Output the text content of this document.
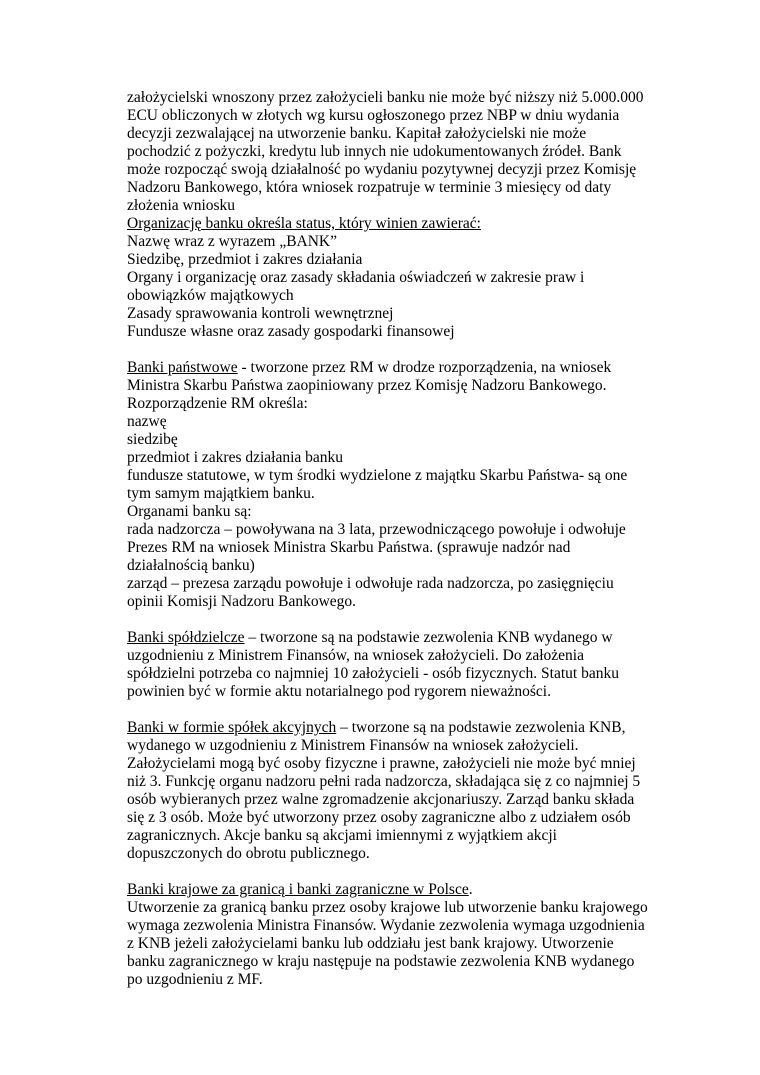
założycielski wnoszony przez założycieli banku nie może być niższy niż 5.000.000
ECU obliczonych w złotych wg kursu ogłoszonego przez NBP w dniu wydania
decyzji zezwalającej na utworzenie banku. Kapitał założycielski nie może
pochodzić z pożyczki, kredytu lub innych nie udokumentowanych źródeł. Bank
może rozpocząć swoją działalność po wydaniu pozytywnej decyzji przez Komisję
Nadzoru Bankowego, która wniosek rozpatruje w terminie 3 miesięcy od daty
złożenia wniosku
Organizację banku określa status, który winien zawierać:
Nazwę wraz z wyrazem „BANK”
Siedzibę, przedmiot i zakres działania
Organy i organizację oraz zasady składania oświadczeń w zakresie praw i
obowiązków majątkowych
Zasady sprawowania kontroli wewnętrznej
Fundusze własne oraz zasady gospodarki finansowej
Banki państwowe - tworzone przez RM w drodze rozporządzenia, na wniosek
Ministra Skarbu Państwa zaopiniowany przez Komisję Nadzoru Bankowego.
Rozporządzenie RM określa:
nazwę
siedzibę
przedmiot i zakres działania banku
fundusze statutowe, w tym środki wydzielone z majątku Skarbu Państwa- są one
tym samym majątkiem banku.
Organami banku są:
rada nadzorcza – powoływana na 3 lata, przewodniczącego powołuje i odwołuje
Prezes RM na wniosek Ministra Skarbu Państwa. (sprawuje nadzór nad
działalnością banku)
zarząd – prezesa zarządu powołuje i odwołuje rada nadzorcza, po zasięgnięciu
opinii Komisji Nadzoru Bankowego.
Banki spółdzielcze – tworzone są na podstawie zezwolenia KNB wydanego w
uzgodnieniu z Ministrem Finansów, na wniosek założycieli. Do założenia
spółdzielni potrzeba co najmniej 10 założycieli - osób fizycznych. Statut banku
powinien być w formie aktu notarialnego pod rygorem nieważności.
Banki w formie spółek akcyjnych – tworzone są na podstawie zezwolenia KNB,
wydanego w uzgodnieniu z Ministrem Finansów na wniosek założycieli.
Założycielami mogą być osoby fizyczne i prawne, założycieli nie może być mniej
niż 3. Funkcję organu nadzoru pełni rada nadzorcza, składająca się z co najmniej 5
osób wybieranych przez walne zgromadzenie akcjonariuszy. Zarząd banku składa
się z 3 osób. Może być utworzony przez osoby zagraniczne albo z udziałem osób
zagranicznych. Akcje banku są akcjami imiennymi z wyjątkiem akcji
dopuszczonych do obrotu publicznego.
Banki krajowe za granicą i banki zagraniczne w Polsce.
Utworzenie za granicą banku przez osoby krajowe lub utworzenie banku krajowego
wymaga zezwolenia Ministra Finansów. Wydanie zezwolenia wymaga uzgodnienia
z KNB jeżeli założycielami banku lub oddziału jest bank krajowy. Utworzenie
banku zagranicznego w kraju następuje na podstawie zezwolenia KNB wydanego
po uzgodnieniu z MF.
